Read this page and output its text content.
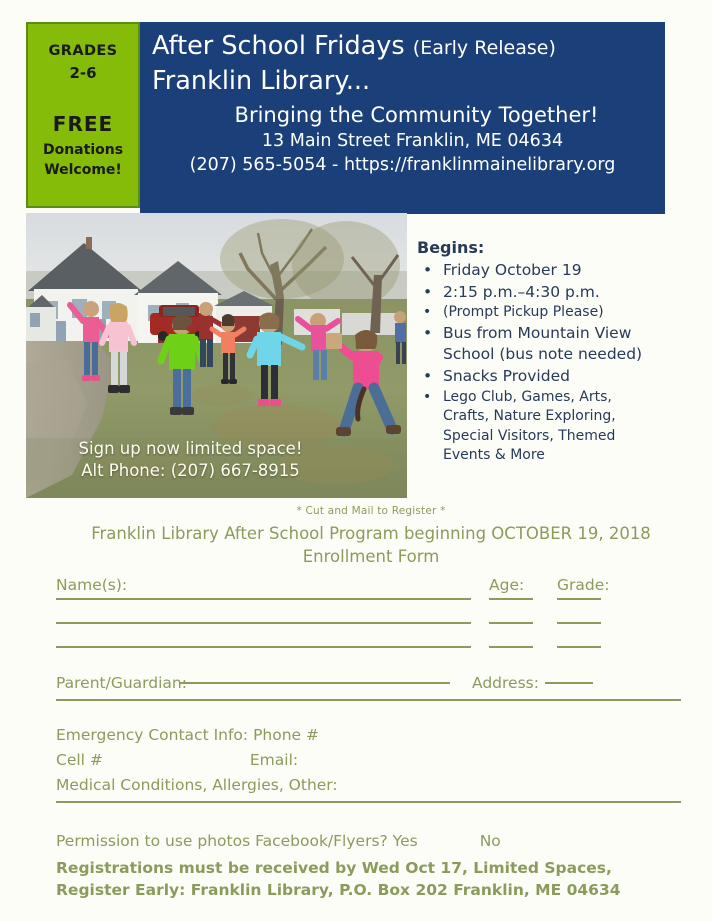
GRADES
2-6
FREE
Donations
Welcome!
After School Fridays (Early Release)
Franklin Library...
Bringing the Community Together!
13 Main Street Franklin, ME 04634
(207) 565-5054 - https://franklinmainelibrary.org
Sign up now limited space!
Alt Phone: (207) 667-8915
Begins:
• Friday October 19
• 2:15 p.m.–4:30 p.m.
• (Prompt Pickup Please)
• Bus from Mountain View
School (bus note needed)
• Snacks Provided
• Lego Club, Games, Arts,
Crafts, Nature Exploring,
Special Visitors, Themed
Events & More
* Cut and Mail to Register *
Franklin Library After School Program beginning OCTOBER 19, 2018
Enrollment Form
Name(s):	Age:	Grade:
Parent/Guardian:	Address:
Emergency Contact Info: Phone #
Cell #	Email:
Medical Conditions, Allergies, Other:
Permission to use photos Facebook/Flyers? Yes	No
Registrations must be received by Wed Oct 17, Limited Spaces,
Register Early: Franklin Library, P.O. Box 202 Franklin, ME 04634
